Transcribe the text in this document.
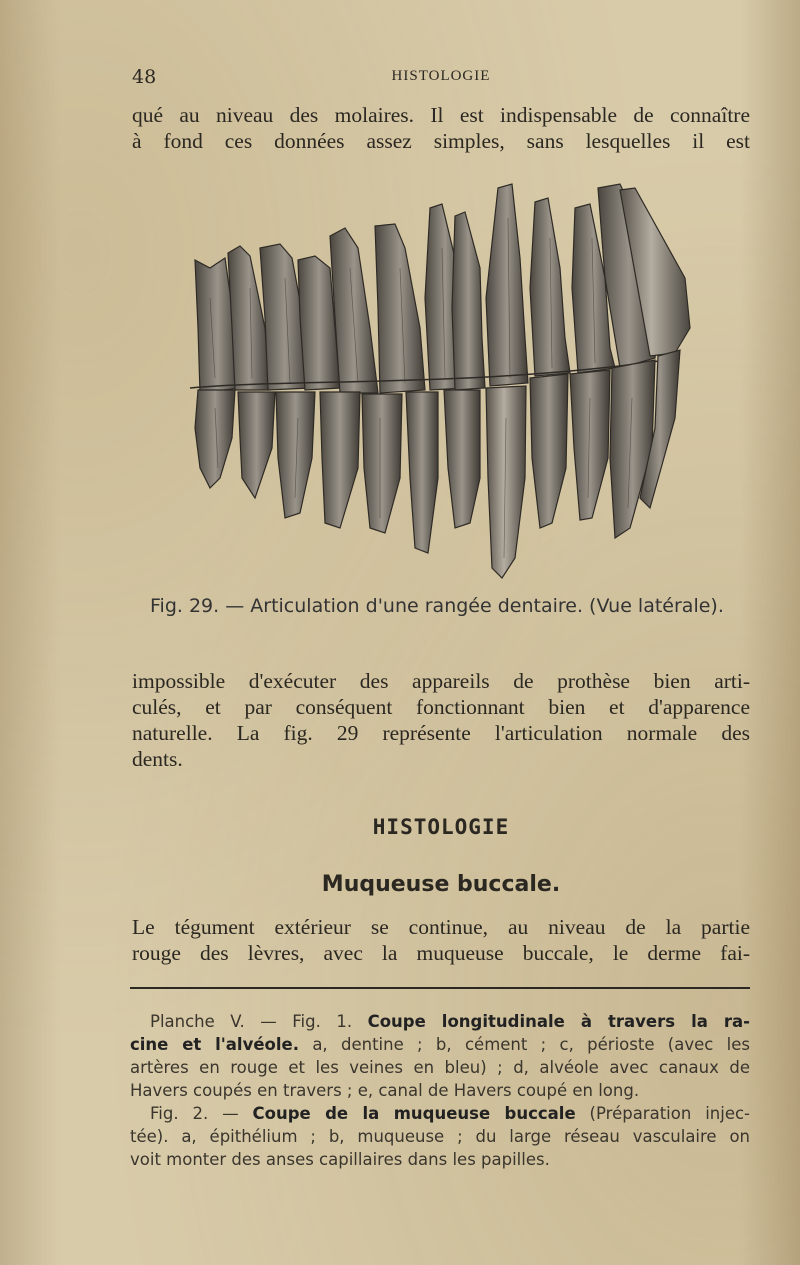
48	HISTOLOGIE
qué au niveau des molaires. Il est indispensable de connaître
à fond ces données assez simples, sans lesquelles il est
Fig. 29. — Articulation d'une rangée dentaire. (Vue latérale).
impossible d'exécuter des appareils de prothèse bien arti-
culés, et par conséquent fonctionnant bien et d'apparence
naturelle. La fig. 29 représente l'articulation normale des
dents.
HISTOLOGIE
Muqueuse buccale.
Le tégument extérieur se continue, au niveau de la partie
rouge des lèvres, avec la muqueuse buccale, le derme fai-
Planche V. — Fig. 1. Coupe longitudinale à travers la ra-
cine et l'alvéole. a, dentine ; b, cément ; c, périoste (avec les
artères en rouge et les veines en bleu) ; d, alvéole avec canaux de
Havers coupés en travers ; e, canal de Havers coupé en long.
Fig. 2. — Coupe de la muqueuse buccale (Préparation injec-
tée). a, épithélium ; b, muqueuse ; du large réseau vasculaire on
voit monter des anses capillaires dans les papilles.
